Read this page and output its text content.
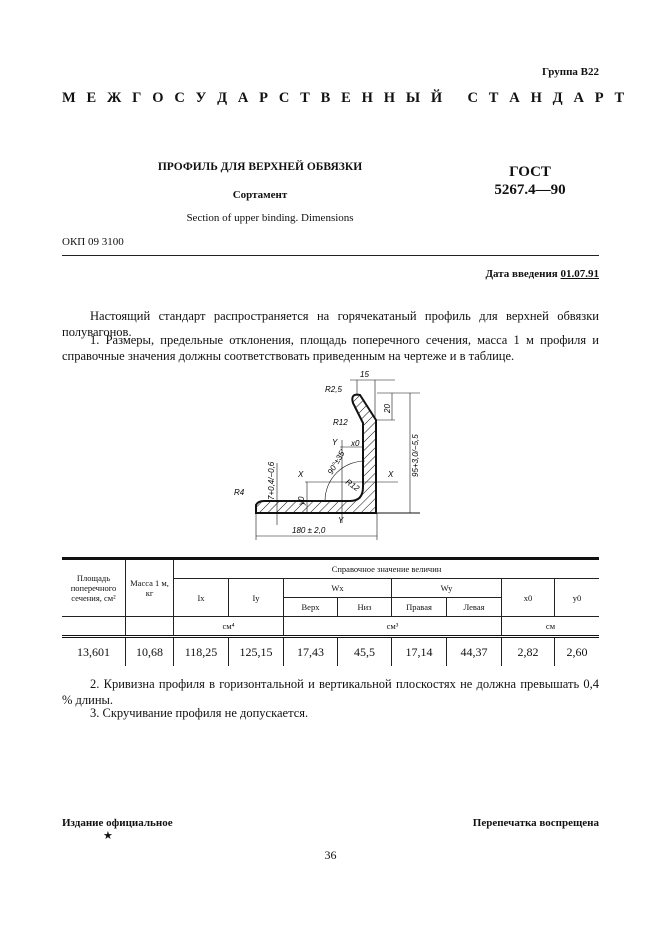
Группа В22
М Е Ж Г О С У Д А Р С Т В Е Н Н Ы Й   С Т А Н Д А Р Т
ПРОФИЛЬ ДЛЯ ВЕРХНЕЙ ОБВЯЗКИ
Сортамент
Section of upper binding. Dimensions
ГОСТ
5267.4—90
ОКП 09 3100
Дата введения 01.07.91

Настоящий стандарт распространяется на горячекатаный профиль для верхней обвязки полувагонов.

1. Размеры, предельные отклонения, площадь поперечного сечения, масса 1 м профиля и справочные значения должны соответствовать приведенным на чертеже и в таблице.

180 ± 2,0
95+3,0/−5,5
15
20
R2,5
R12
Y x0
X	X
90°±35′
R12
y0
7+0,4/−0,6
R4
Y
Площадь поперечного сечения, см²	Масса 1 м, кг	Справочное значение величин							
		Ix	Iy	Wx		Wy		x0	y0
				Верх	Низ	Правая	Левая		
		см⁴		см³				см	
13,601	10,68	118,25	125,15	17,43	45,5	17,14	44,37	2,82	2,60

2. Кривизна профиля в горизонтальной и вертикальной плоскостях не должна превышать 0,4 % длины.

3. Скручивание профиля не допускается.

Издание официальное
★
Перепечатка воспрещена
36
